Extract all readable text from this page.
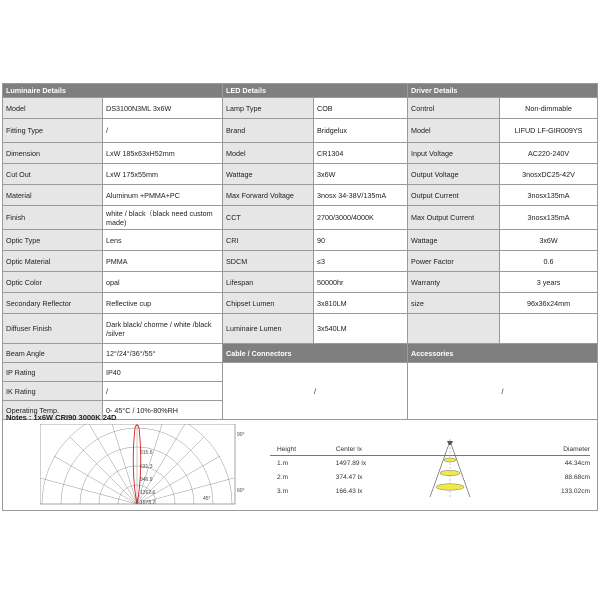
Luminaire Details		LED Details		Driver Details	
Model	DS3100N3ML 3x6W	Lamp Type	COB	Control	Non-dimmable
Fitting Type	/	Brand	Bridgelux	Model	LIFUD LF-GIR009YS
Dimension	LxW 185x63xH52mm	Model	CR1304	Input Voltage	AC220-240V
Cut Out	LxW 175x55mm	Wattage	3x6W	Output Voltage	3nosxDC25-42V
Material	Aluminum +PMMA+PC	Max Forward Voltage	3nosx 34-38V/135mA	Output Current	3nosx135mA
Finish	white / black（black need custom made)	CCT	2700/3000/4000K	Max Output Current	3nosx135mA
Optic Type	Lens	CRI	90	Wattage	3x6W
Optic Material	PMMA	SDCM	≤3	Power Factor	0.6
Optic Color	opal	Lifespan	50000hr	Warranty	3 years
Secondary Reflector	Reflective cup	Chipset Lumen	3x810LM	size	96x36x24mm
Diffuser Finish	Dark black/ chorme / white /black /silver	Luminaire Lumen	3x540LM		
Beam Angle	12°/24°/36°/55°	Cable / Connectors		Accessories	
IP Rating	IP40	/		/	
IK Rating	/				
Operating Temp.	0- 45°C / 10%-80%RH				
Notes : 1x6W CRI90 3000K 24D
315.6
631.3
946.9
1262.6
1578.2
90°
60°
45°
Height	Center lx	Diameter
1.m	1497.89 lx	44.34cm
2.m	374.47 lx	88.68cm
3.m	166.43 lx	133.02cm
